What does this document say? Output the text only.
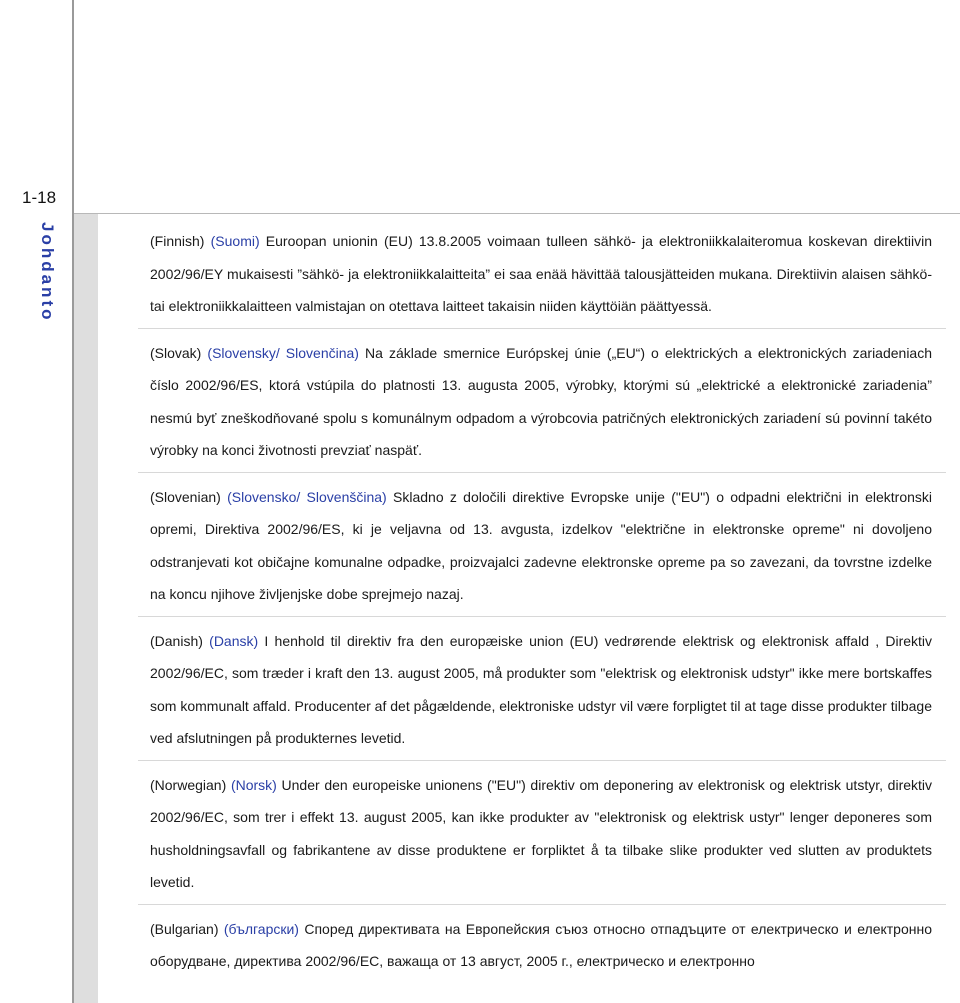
1-18
Johdanto	(Finnish) (Suomi) Euroopan unionin (EU) 13.8.2005 voimaan tulleen sähkö- ja elektroniikkalaiteromua koskevan direktiivin 2002/96/EY mukaisesti ”sähkö- ja elektroniikkalaitteita” ei saa enää hävittää talousjätteiden mukana. Direktiivin alaisen sähkö- tai elektroniikkalaitteen valmistajan on otettava laitteet takaisin niiden käyttöiän päättyessä.

(Slovak) (Slovensky/ Slovenčina) Na základe smernice Európskej únie („EU“) o elektrických a elektronických zariadeniach číslo 2002/96/ES, ktorá vstúpila do platnosti 13. augusta 2005, výrobky, ktorými sú „elektrické a elektronické zariadenia” nesmú byť zneškodňované spolu s komunálnym odpadom a výrobcovia patričných elektronických zariadení sú povinní takéto výrobky na konci životnosti prevziať naspäť.

(Slovenian) (Slovensko/ Slovenščina) Skladno z določili direktive Evropske unije ("EU") o odpadni električni in elektronski opremi, Direktiva 2002/96/ES, ki je veljavna od 13. avgusta, izdelkov "električne in elektronske opreme" ni dovoljeno odstranjevati kot običajne komunalne odpadke, proizvajalci zadevne elektronske opreme pa so zavezani, da tovrstne izdelke na koncu njihove življenjske dobe sprejmejo nazaj.

(Danish) (Dansk) I henhold til direktiv fra den europæiske union (EU) vedrørende elektrisk og elektronisk affald , Direktiv 2002/96/EC, som træder i kraft den 13. august 2005, må produkter som "elektrisk og elektronisk udstyr" ikke mere bortskaffes som kommunalt affald. Producenter af det pågældende, elektroniske udstyr vil være forpligtet til at tage disse produkter tilbage ved afslutningen på produkternes levetid.

(Norwegian) (Norsk) Under den europeiske unionens ("EU") direktiv om deponering av elektronisk og elektrisk utstyr, direktiv 2002/96/EC, som trer i effekt 13. august 2005, kan ikke produkter av "elektronisk og elektrisk ustyr" lenger deponeres som husholdningsavfall og fabrikantene av disse produktene er forpliktet å ta tilbake slike produkter ved slutten av produktets levetid.

(Bulgarian) (български) Според директивата на Европейския съюз относно отпадъците от електрическо и електронно оборудване, директива 2002/96/EC, важаща от 13 август, 2005 г., електрическо и електронно
